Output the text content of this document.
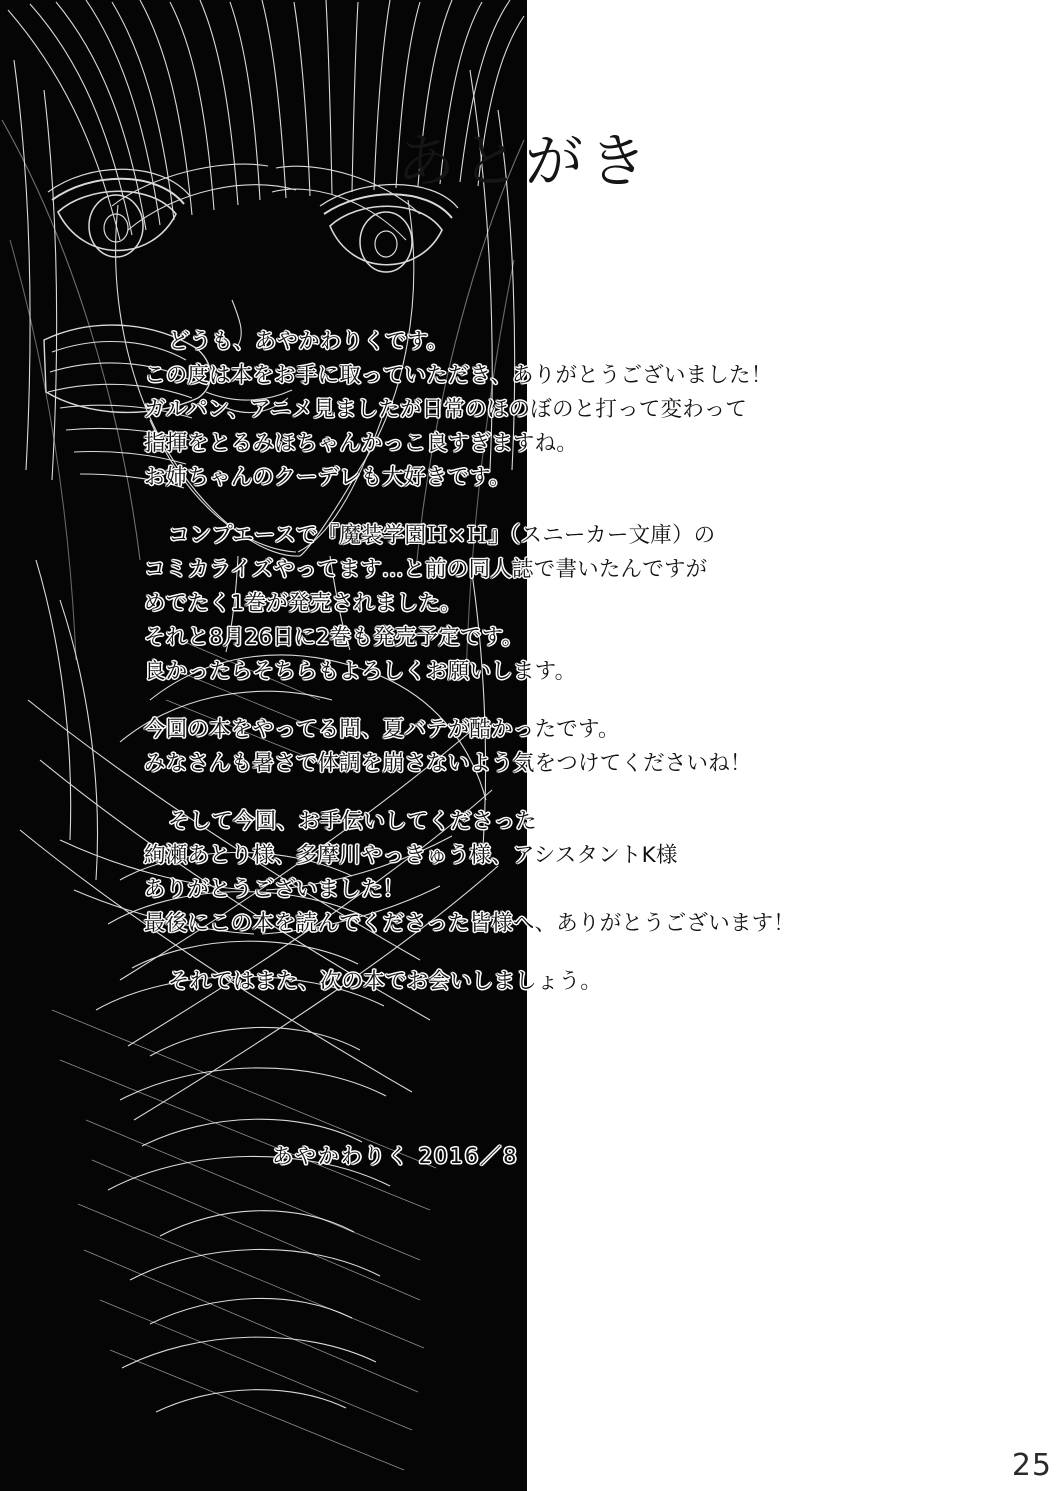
あとがき
どうも、あやかわりくです。
この度は本をお手に取っていただき、ありがとうございました！
ガルパン、アニメ見ましたが日常のほのぼのと打って変わって
指揮をとるみほちゃんかっこ良すぎますね。
お姉ちゃんのクーデレも大好きです。
コンプエースで『魔装学園Ｈ×Ｈ』（スニーカー文庫）の
コミカライズやってます…と前の同人誌で書いたんですが
めでたく1巻が発売されました。
それと8月26日に2巻も発売予定です。
良かったらそちらもよろしくお願いします。
今回の本をやってる間、夏バテが酷かったです。
みなさんも暑さで体調を崩さないよう気をつけてくださいね！
そして今回、お手伝いしてくださった
絢瀬あとり様、多摩川やっきゅう様、アシスタントK様
ありがとうございました！
最後にこの本を読んでくださった皆様へ、ありがとうございます！
それではまた、次の本でお会いしましょう。
あやかわりく 2016／8
25
